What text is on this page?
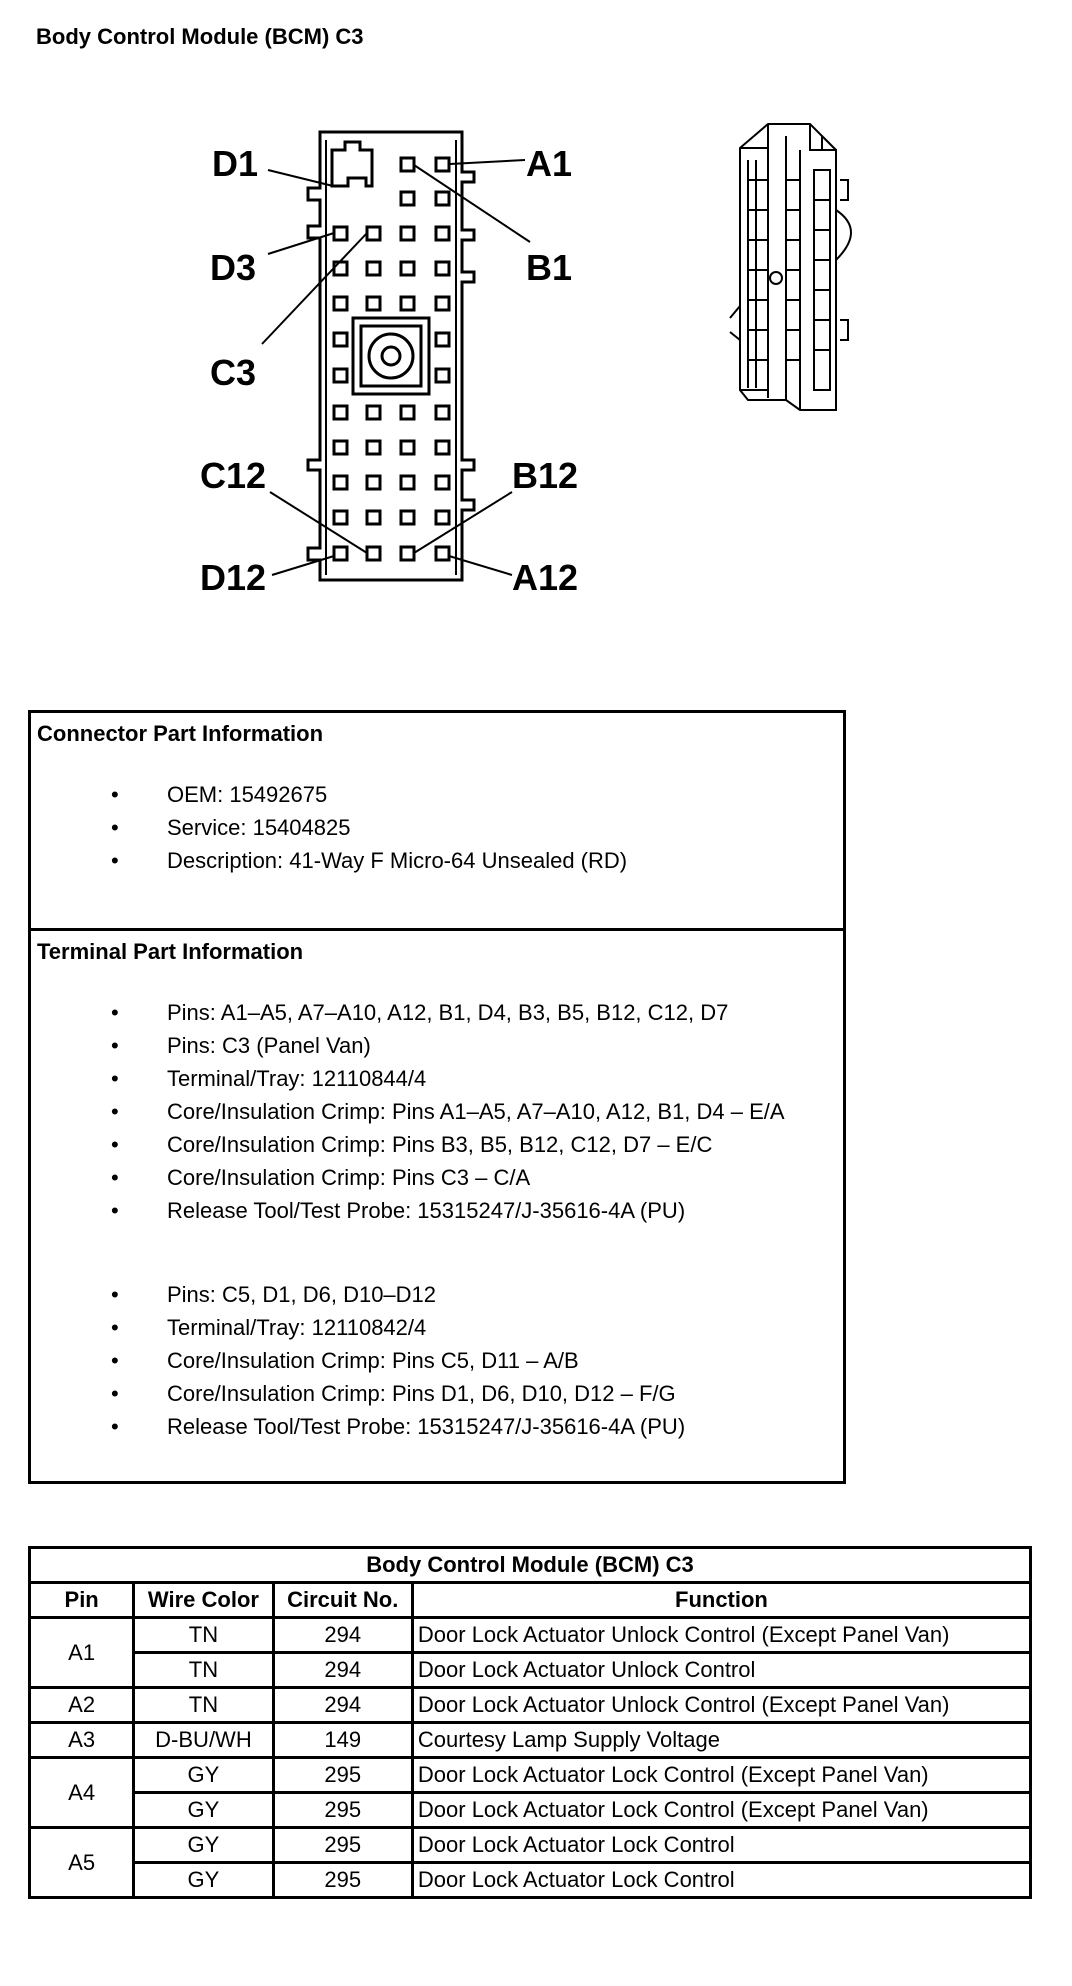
Body Control Module (BCM) C3
D1	A1
D3	B1
C3
C12	B12
D12	A12
Connector Part Information
• OEM: 15492675
• Service: 15404825
• Description: 41-Way F Micro-64 Unsealed (RD)
Terminal Part Information
• Pins: A1–A5, A7–A10, A12, B1, D4, B3, B5, B12, C12, D7
• Pins: C3 (Panel Van)
• Terminal/Tray: 12110844/4
• Core/Insulation Crimp: Pins A1–A5, A7–A10, A12, B1, D4 – E/A
• Core/Insulation Crimp: Pins B3, B5, B12, C12, D7 – E/C
• Core/Insulation Crimp: Pins C3 – C/A
• Release Tool/Test Probe: 15315247/J-35616-4A (PU)
• Pins: C5, D1, D6, D10–D12
• Terminal/Tray: 12110842/4
• Core/Insulation Crimp: Pins C5, D11 – A/B
• Core/Insulation Crimp: Pins D1, D6, D10, D12 – F/G
• Release Tool/Test Probe: 15315247/J-35616-4A (PU)
Body Control Module (BCM) C3			
Pin	Wire Color	Circuit No.	Function
A1	TN	294	Door Lock Actuator Unlock Control (Except Panel Van)
	TN	294	Door Lock Actuator Unlock Control
A2	TN	294	Door Lock Actuator Unlock Control (Except Panel Van)
A3	D-BU/WH	149	Courtesy Lamp Supply Voltage
A4	GY	295	Door Lock Actuator Lock Control (Except Panel Van)
	GY	295	Door Lock Actuator Lock Control (Except Panel Van)
A5	GY	295	Door Lock Actuator Lock Control
	GY	295	Door Lock Actuator Lock Control
